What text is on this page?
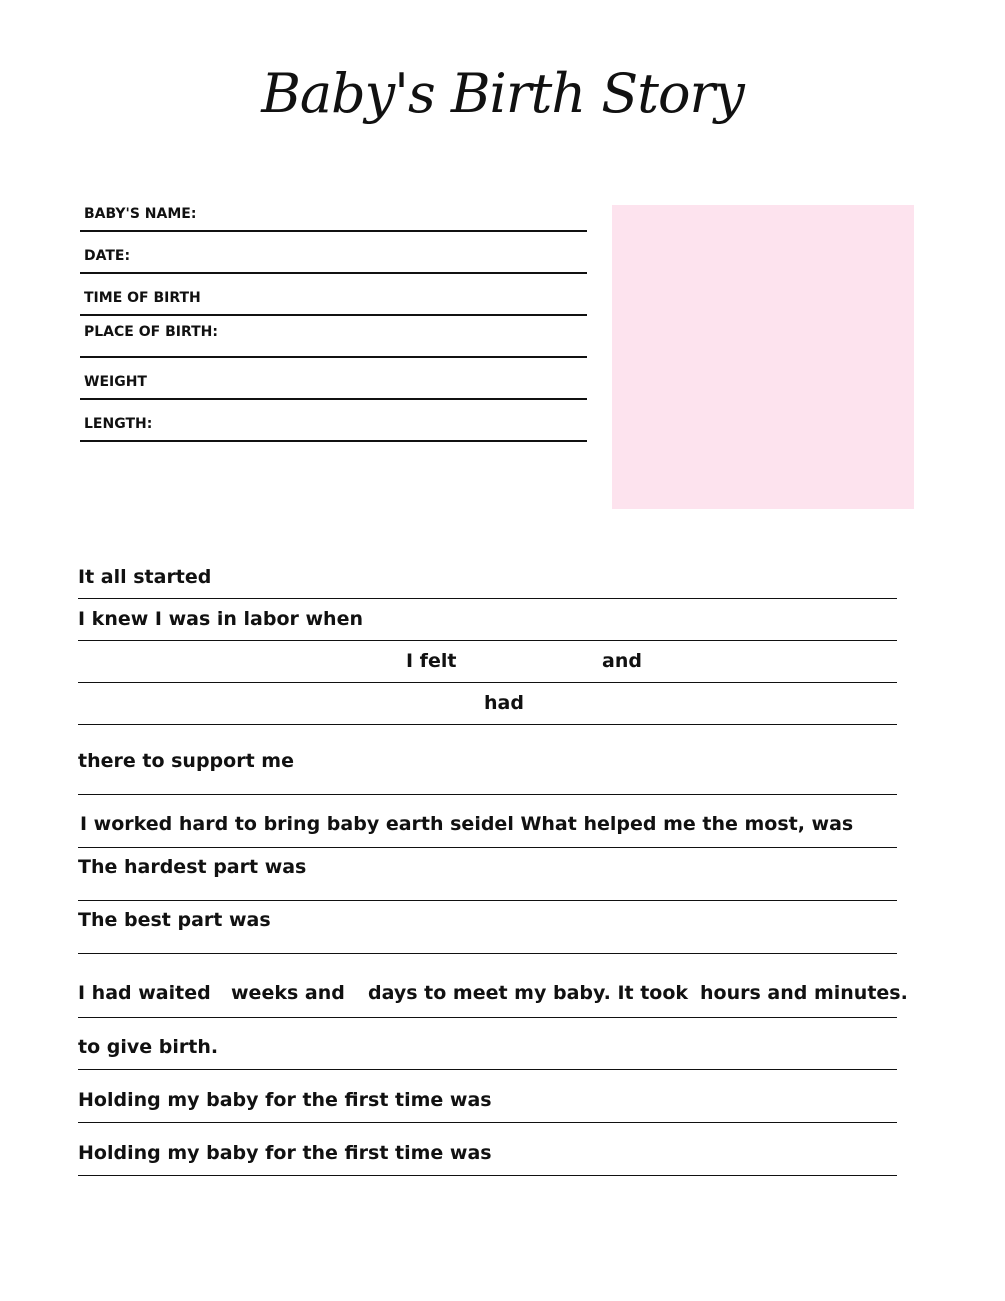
Baby's Birth Story
BABY'S NAME:
DATE:
TIME OF BIRTH
PLACE OF BIRTH:
WEIGHT
LENGTH:
It all started
I knew I was in labor when
I felt	and
had
there to support me
I worked hard to bring baby earth seidel What helped me the most, was
The hardest part was
The best part was
I had waited weeks and days to meet my baby. It took hours and minutes.
to give birth.
Holding my baby for the first time was
Holding my baby for the first time was
